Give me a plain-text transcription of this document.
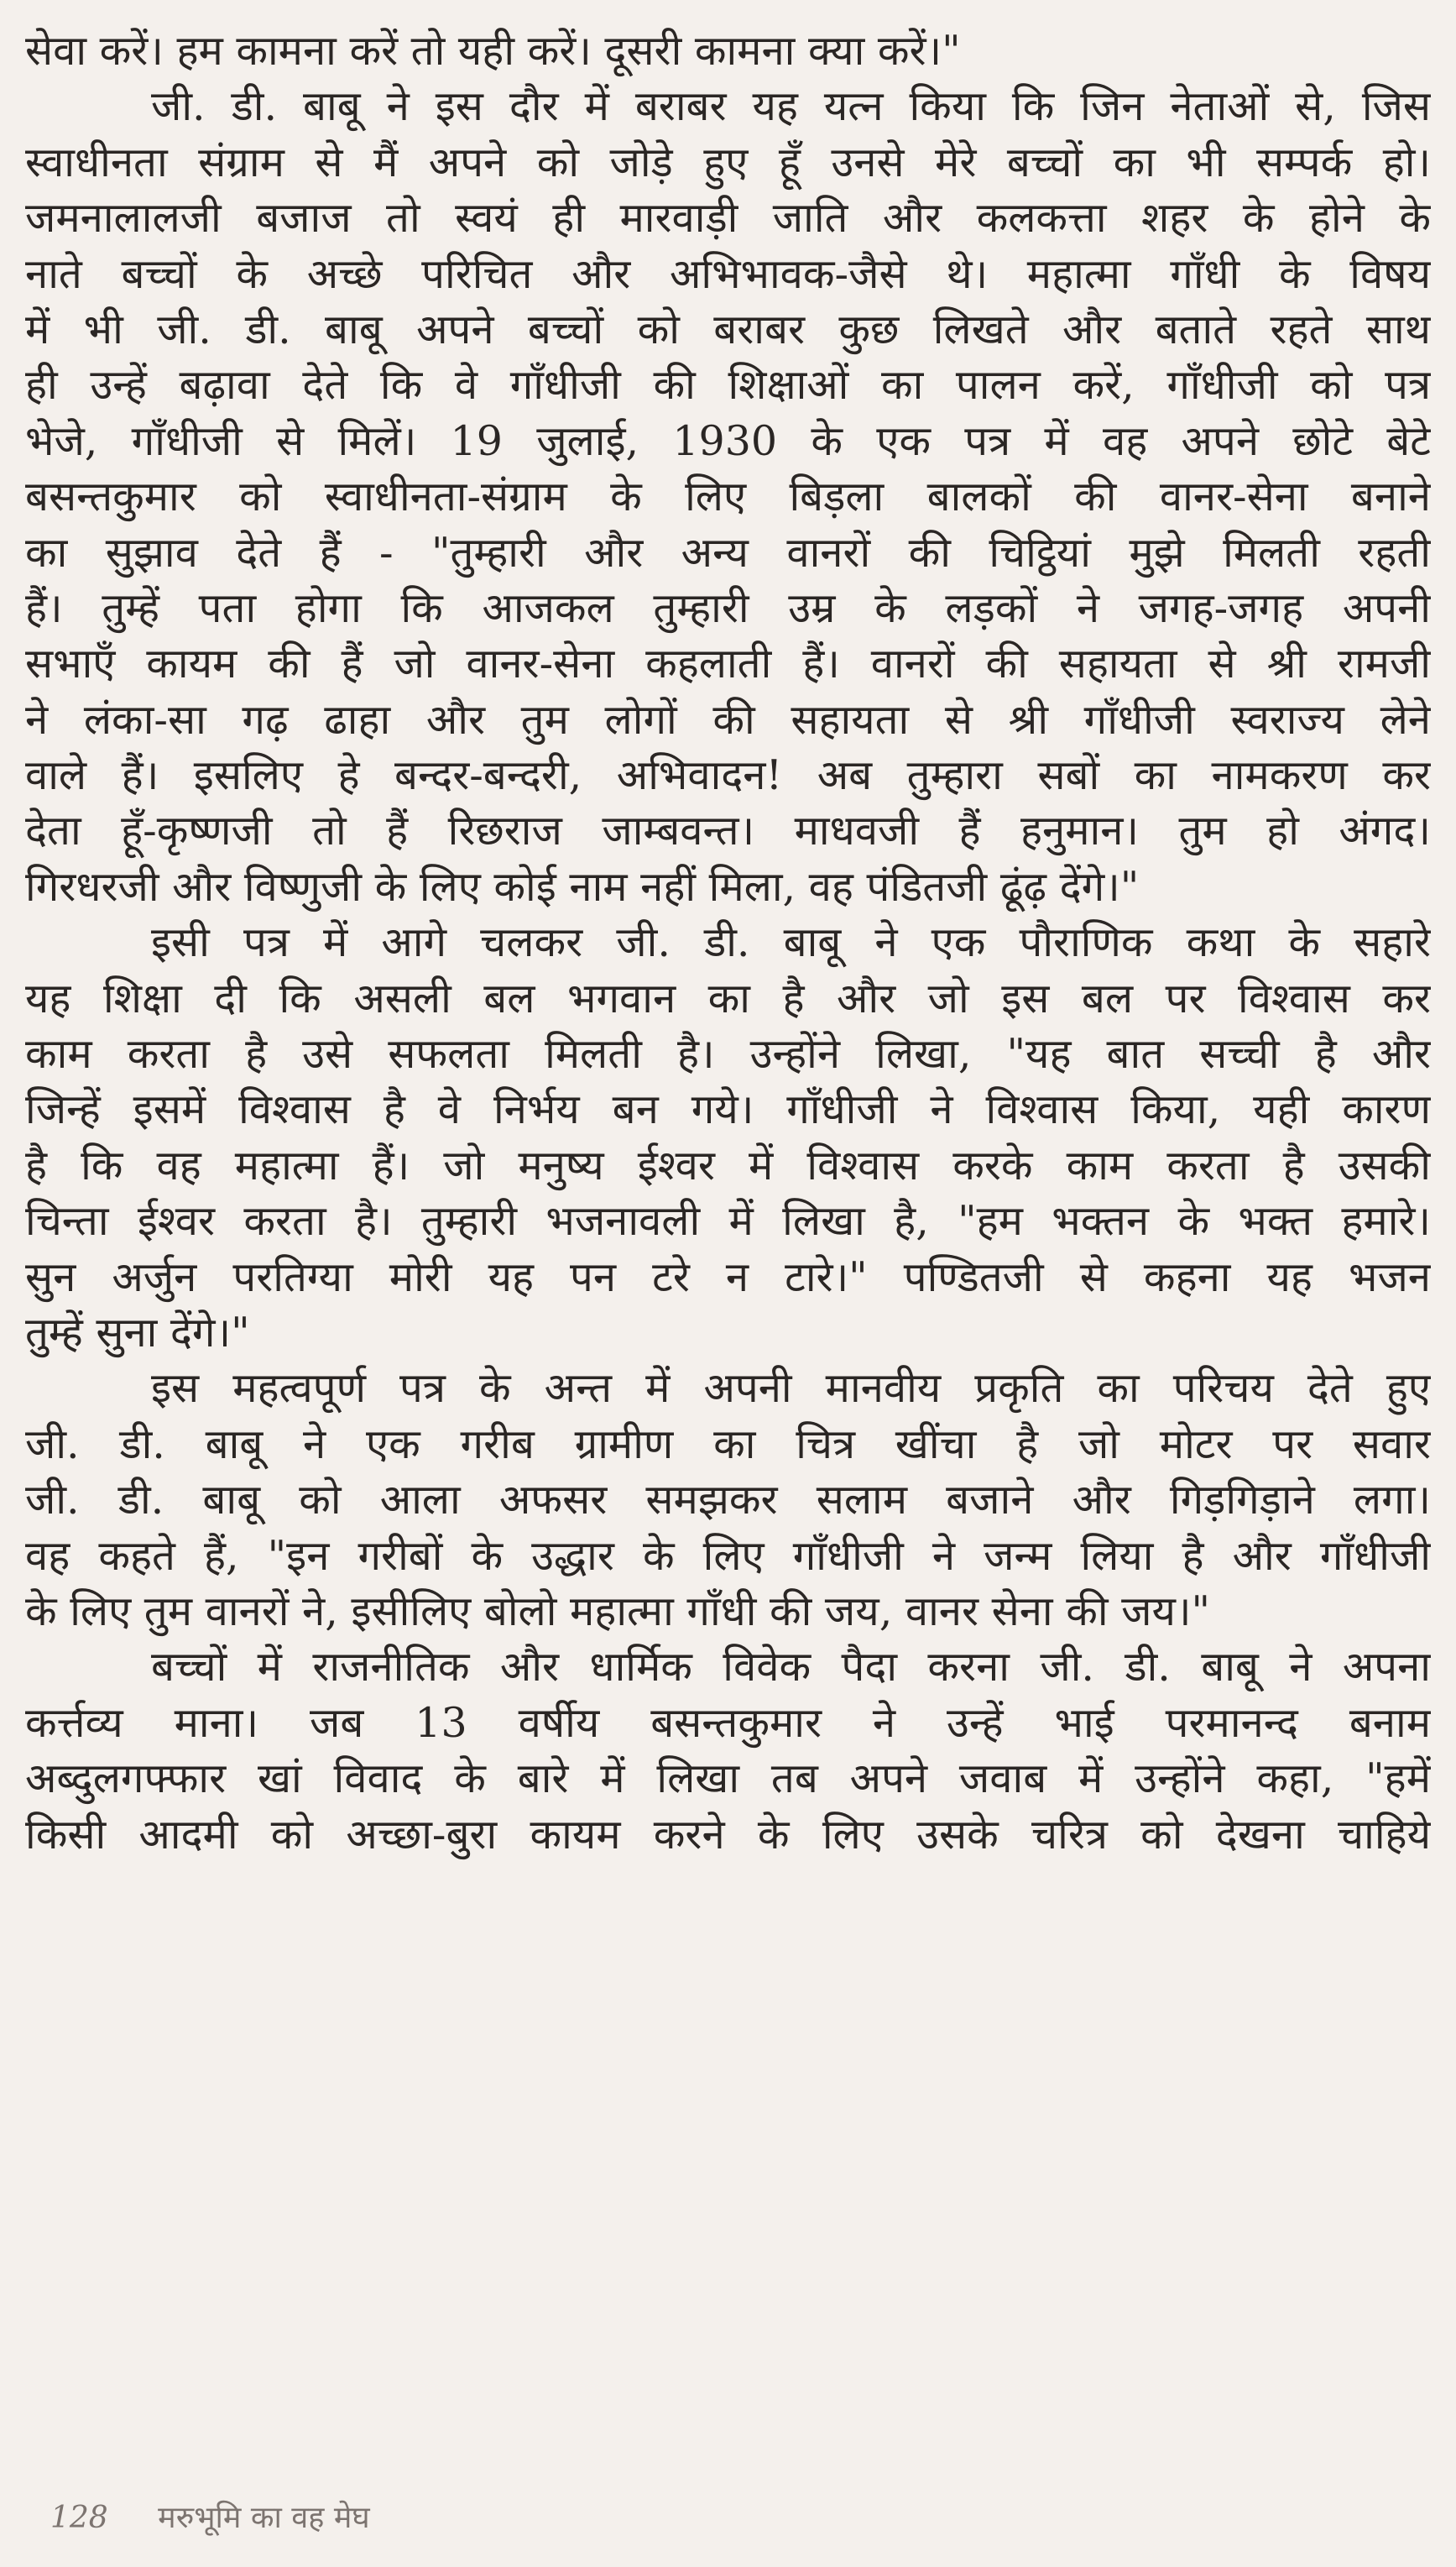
सेवा करें। हम कामना करें तो यही करें। दूसरी कामना क्या करें।"
जी. डी. बाबू ने इस दौर में बराबर यह यत्न किया कि जिन नेताओं से, जिस
स्वाधीनता संग्राम से मैं अपने को जोड़े हुए हूँ उनसे मेरे बच्चों का भी सम्पर्क हो।
जमनालालजी बजाज तो स्वयं ही मारवाड़ी जाति और कलकत्ता शहर के होने के
नाते बच्चों के अच्छे परिचित और अभिभावक-जैसे थे। महात्मा गाँधी के विषय
में भी जी. डी. बाबू अपने बच्चों को बराबर कुछ लिखते और बताते रहते साथ
ही उन्हें बढ़ावा देते कि वे गाँधीजी की शिक्षाओं का पालन करें, गाँधीजी को पत्र
भेजे, गाँधीजी से मिलें। 19 जुलाई, 1930 के एक पत्र में वह अपने छोटे बेटे
बसन्तकुमार को स्वाधीनता-संग्राम के लिए बिड़ला बालकों की वानर-सेना बनाने
का सुझाव देते हैं - "तुम्हारी और अन्य वानरों की चिट्ठियां मुझे मिलती रहती
हैं। तुम्हें पता होगा कि आजकल तुम्हारी उम्र के लड़कों ने जगह-जगह अपनी
सभाएँ कायम की हैं जो वानर-सेना कहलाती हैं। वानरों की सहायता से श्री रामजी
ने लंका-सा गढ़ ढाहा और तुम लोगों की सहायता से श्री गाँधीजी स्वराज्य लेने
वाले हैं। इसलिए हे बन्दर-बन्दरी, अभिवादन! अब तुम्हारा सबों का नामकरण कर
देता हूँ-कृष्णजी तो हैं रिछराज जाम्बवन्त। माधवजी हैं हनुमान। तुम हो अंगद।
गिरधरजी और विष्णुजी के लिए कोई नाम नहीं मिला, वह पंडितजी ढूंढ़ देंगे।"
इसी पत्र में आगे चलकर जी. डी. बाबू ने एक पौराणिक कथा के सहारे
यह शिक्षा दी कि असली बल भगवान का है और जो इस बल पर विश्वास कर
काम करता है उसे सफलता मिलती है। उन्होंने लिखा, "यह बात सच्ची है और
जिन्हें इसमें विश्वास है वे निर्भय बन गये। गाँधीजी ने विश्वास किया, यही कारण
है कि वह महात्मा हैं। जो मनुष्य ईश्वर में विश्वास करके काम करता है उसकी
चिन्ता ईश्वर करता है। तुम्हारी भजनावली में लिखा है, "हम भक्तन के भक्त हमारे।
सुन अर्जुन परतिग्या मोरी यह पन टरे न टारे।" पण्डितजी से कहना यह भजन
तुम्हें सुना देंगे।"
इस महत्वपूर्ण पत्र के अन्त में अपनी मानवीय प्रकृति का परिचय देते हुए
जी. डी. बाबू ने एक गरीब ग्रामीण का चित्र खींचा है जो मोटर पर सवार
जी. डी. बाबू को आला अफसर समझकर सलाम बजाने और गिड़गिड़ाने लगा।
वह कहते हैं, "इन गरीबों के उद्धार के लिए गाँधीजी ने जन्म लिया है और गाँधीजी
के लिए तुम वानरों ने, इसीलिए बोलो महात्मा गाँधी की जय, वानर सेना की जय।"
बच्चों में राजनीतिक और धार्मिक विवेक पैदा करना जी. डी. बाबू ने अपना
कर्त्तव्य माना। जब 13 वर्षीय बसन्तकुमार ने उन्हें भाई परमानन्द बनाम
अब्दुलगफ्फार खां विवाद के बारे में लिखा तब अपने जवाब में उन्होंने कहा, "हमें
किसी आदमी को अच्छा-बुरा कायम करने के लिए उसके चरित्र को देखना चाहिये
128 मरुभूमि का वह मेघ
